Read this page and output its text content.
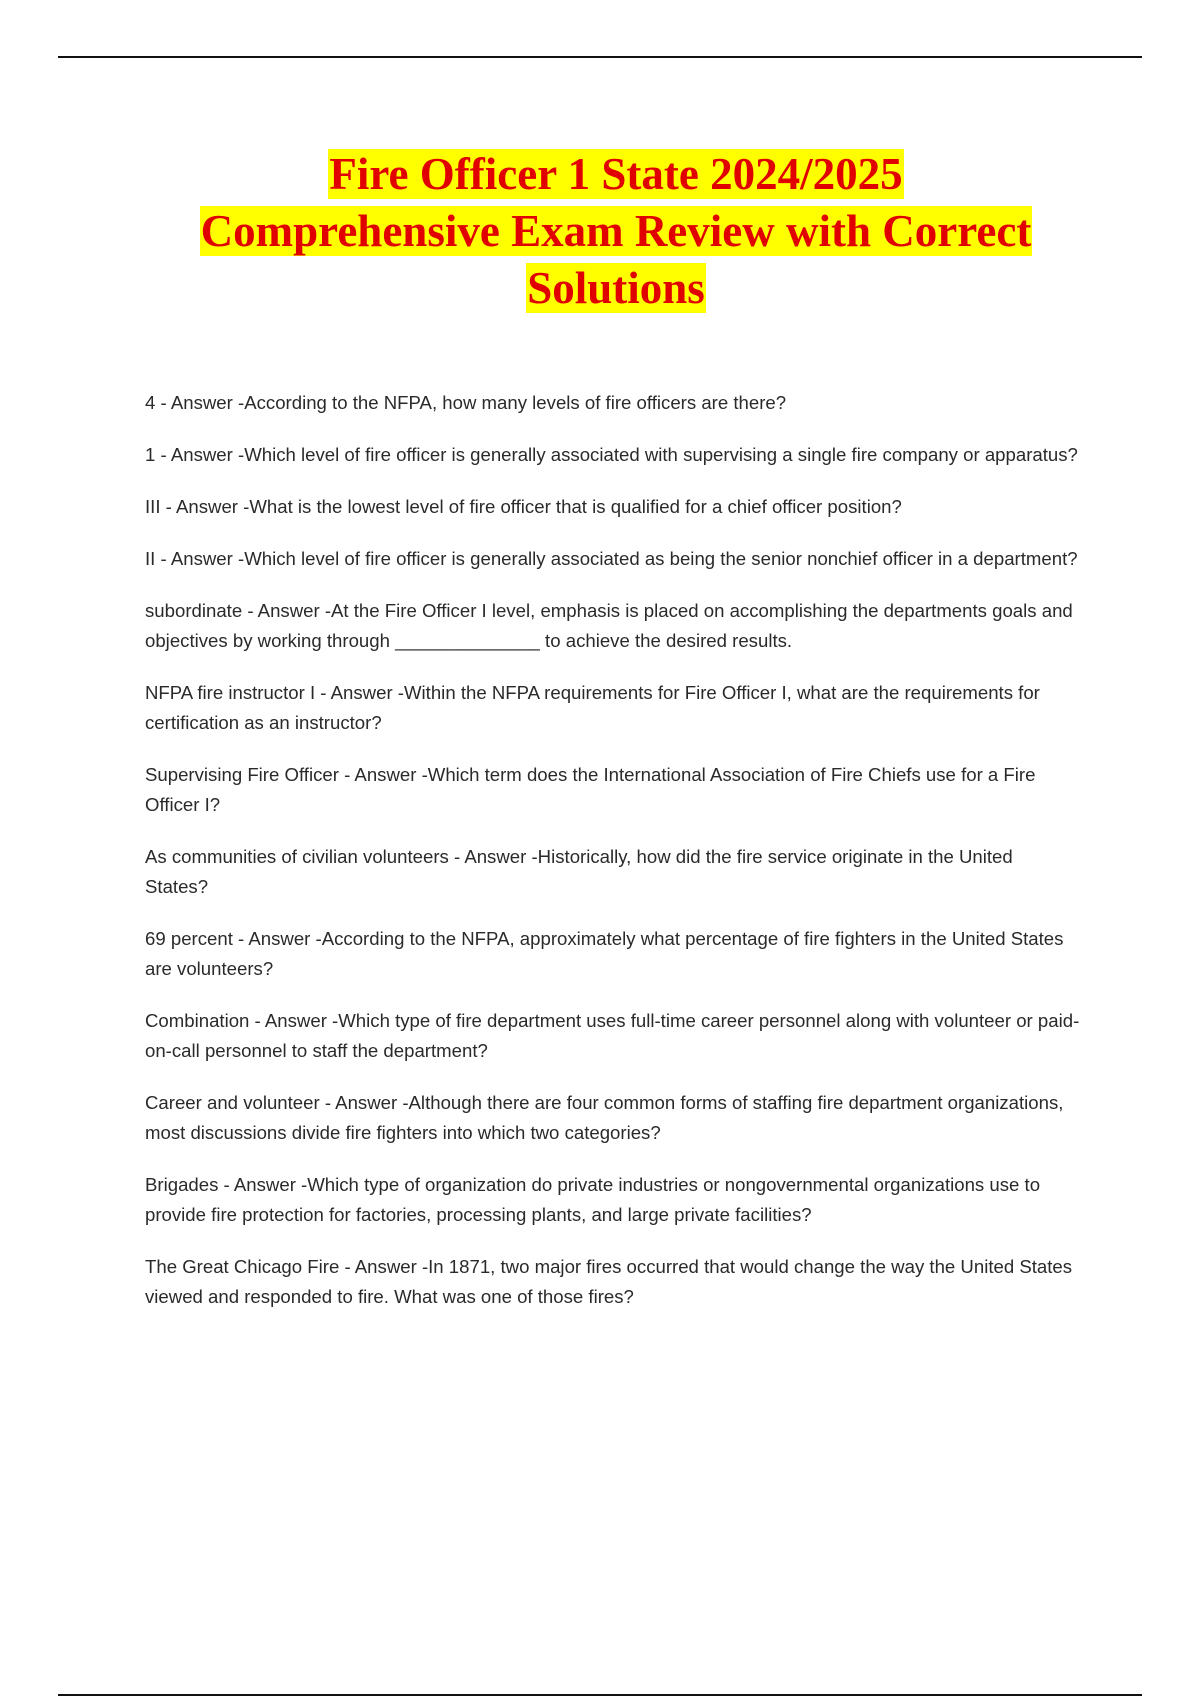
Fire Officer 1 State 2024/2025
Comprehensive Exam Review with Correct
Solutions
4 - Answer -According to the NFPA, how many levels of fire officers are there?
1 - Answer -Which level of fire officer is generally associated with supervising a single fire company or apparatus?
III - Answer -What is the lowest level of fire officer that is qualified for a chief officer position?
II - Answer -Which level of fire officer is generally associated as being the senior nonchief officer in a department?
subordinate - Answer -At the Fire Officer I level, emphasis is placed on accomplishing the departments goals and objectives by working through ______________ to achieve the desired results.
NFPA fire instructor I - Answer -Within the NFPA requirements for Fire Officer I, what are the requirements for certification as an instructor?
Supervising Fire Officer - Answer -Which term does the International Association of Fire Chiefs use for a Fire Officer I?
As communities of civilian volunteers - Answer -Historically, how did the fire service originate in the United States?
69 percent - Answer -According to the NFPA, approximately what percentage of fire fighters in the United States are volunteers?
Combination - Answer -Which type of fire department uses full-time career personnel along with volunteer or paid-on-call personnel to staff the department?
Career and volunteer - Answer -Although there are four common forms of staffing fire department organizations, most discussions divide fire fighters into which two categories?
Brigades - Answer -Which type of organization do private industries or nongovernmental organizations use to provide fire protection for factories, processing plants, and large private facilities?
The Great Chicago Fire - Answer -In 1871, two major fires occurred that would change the way the United States viewed and responded to fire. What was one of those fires?
